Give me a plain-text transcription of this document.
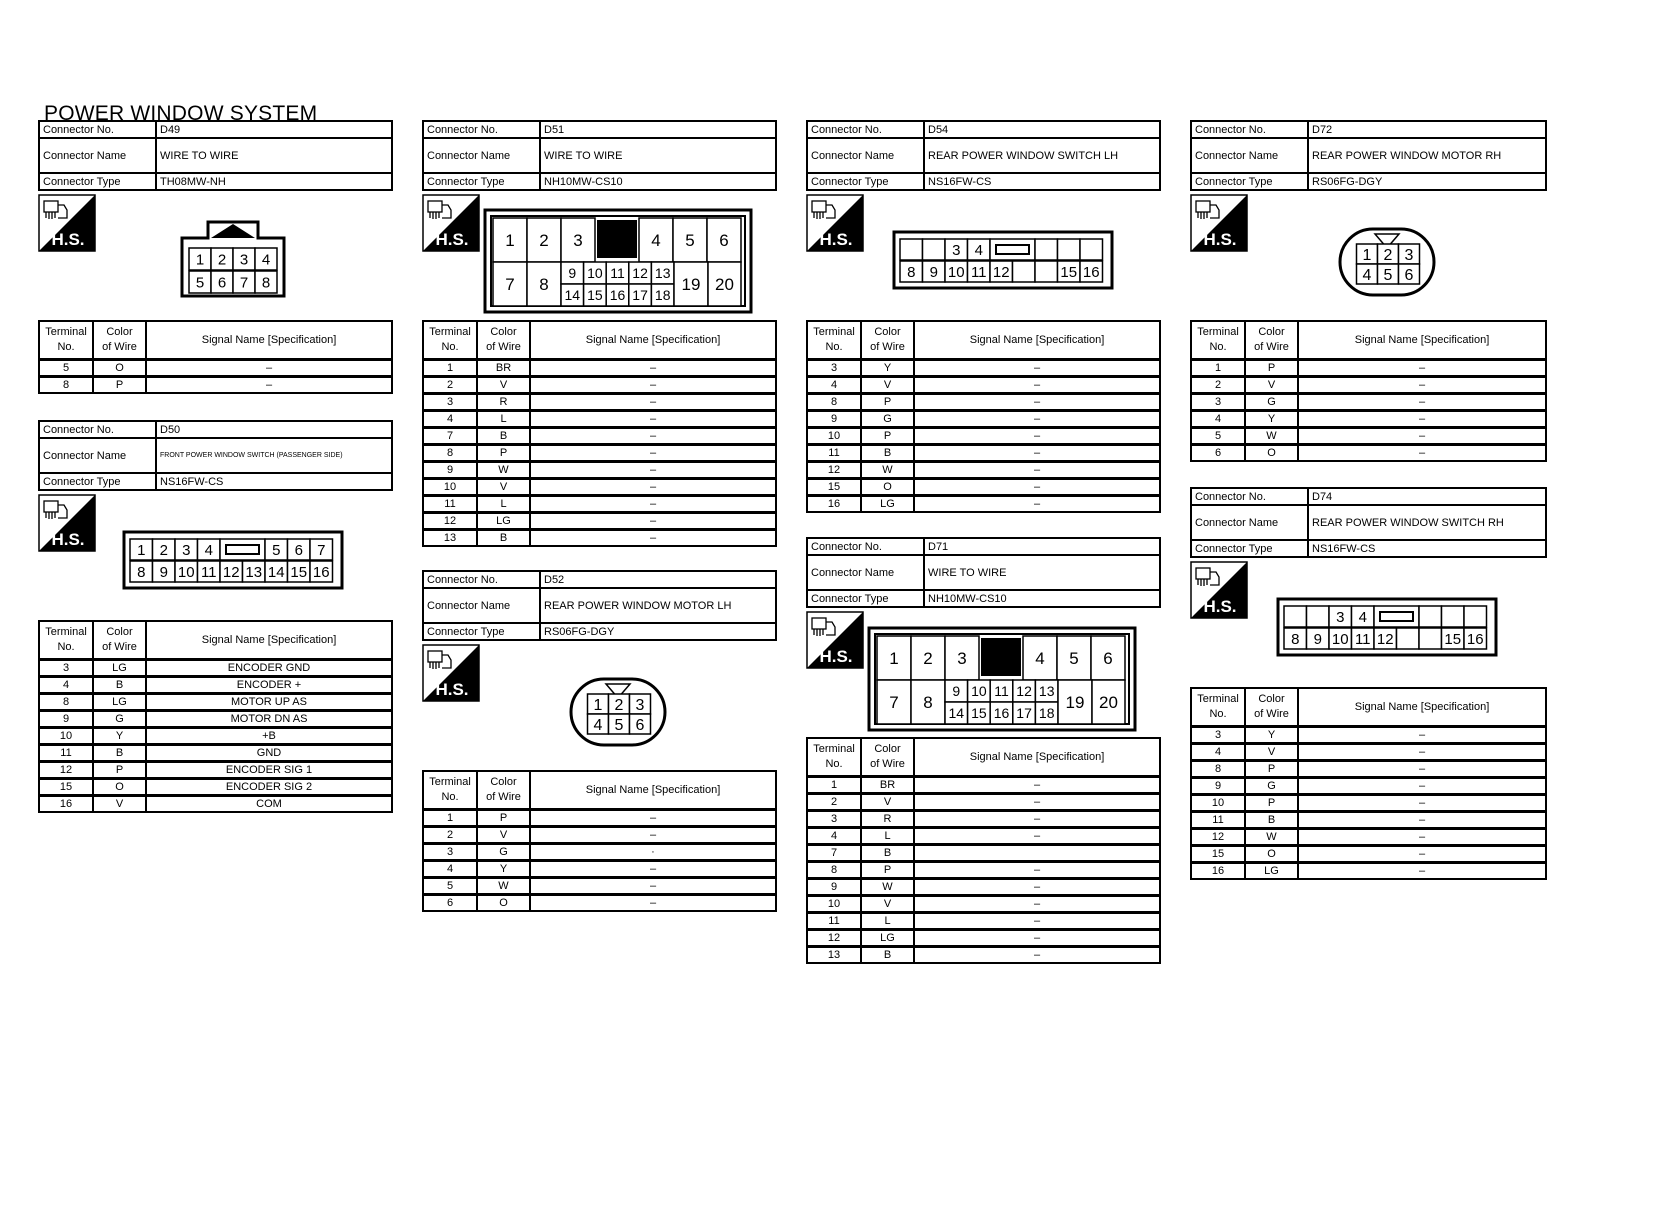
POWER WINDOW SYSTEM
Connector No.	D49
Connector Name	WIRE TO WIRE
Connector Type	TH08MW-NH
Connector No.	D50
Connector Name	FRONT POWER WINDOW SWITCH (PASSENGER SIDE)
Connector Type	NS16FW-CS
Connector No.	D51
Connector Name	WIRE TO WIRE
Connector Type	NH10MW-CS10
Connector No.	D52
Connector Name	REAR POWER WINDOW MOTOR LH
Connector Type	RS06FG-DGY
Connector No.	D54
Connector Name	REAR POWER WINDOW SWITCH LH
Connector Type	NS16FW-CS
Connector No.	D71
Connector Name	WIRE TO WIRE
Connector Type	NH10MW-CS10
Connector No.	D72
Connector Name	REAR POWER WINDOW MOTOR RH
Connector Type	RS06FG-DGY
Connector No.	D74
Connector Name	REAR POWER WINDOW SWITCH RH
Connector Type	NS16FW-CS
1 2 3 4
5 6 7 8
1 2 3 4	5 6 7
8 9 10 11 12 13 14 15 16
1 2 3	4 5 6
7 8
9 10 11 12 13
14 15 16 17 18
19 20
1 2 3
4 5 6
3 4
8 9 10 11 12	15 16
1 2 3	4 5 6
7 8
9 10 11 12 13
14 15 16 17 18
19 20
1 2 3
4 5 6
3 4
8 9 10 11 12	15 16
Terminal
No.	Color
of Wire	Signal Name [Specification]
5	O	–
8	P	–
Terminal
No.	Color
of Wire	Signal Name [Specification]
3	LG	ENCODER GND
4	B	ENCODER +
8	LG	MOTOR UP AS
9	G	MOTOR DN AS
10	Y	+B
11	B	GND
12	P	ENCODER SIG 1
15	O	ENCODER SIG 2
16	V	COM
Terminal
No.	Color
of Wire	Signal Name [Specification]
1	BR	–
2	V	–
3	R	–
4	L	–
7	B	–
8	P	–
9	W	–
10	V	–
11	L	–
12	LG	–
13	B	–
Terminal
No.	Color
of Wire	Signal Name [Specification]
1	P	–
2	V	–
3	G	·
4	Y	–
5	W	–
6	O	–
Terminal
No.	Color
of Wire	Signal Name [Specification]
3	Y	–
4	V	–
8	P	–
9	G	–
10	P	–
11	B	–
12	W	–
15	O	–
16	LG	–
Terminal
No.	Color
of Wire	Signal Name [Specification]
1	BR	–
2	V	–
3	R	–
4	L	–
7	B	
8	P	–
9	W	–
10	V	–
11	L	–
12	LG	–
13	B	–
Terminal
No.	Color
of Wire	Signal Name [Specification]
1	P	–
2	V	–
3	G	–
4	Y	–
5	W	–
6	O	–
Terminal
No.	Color
of Wire	Signal Name [Specification]
3	Y	–
4	V	–
8	P	–
9	G	–
10	P	–
11	B	–
12	W	–
15	O	–
16	LG	–
